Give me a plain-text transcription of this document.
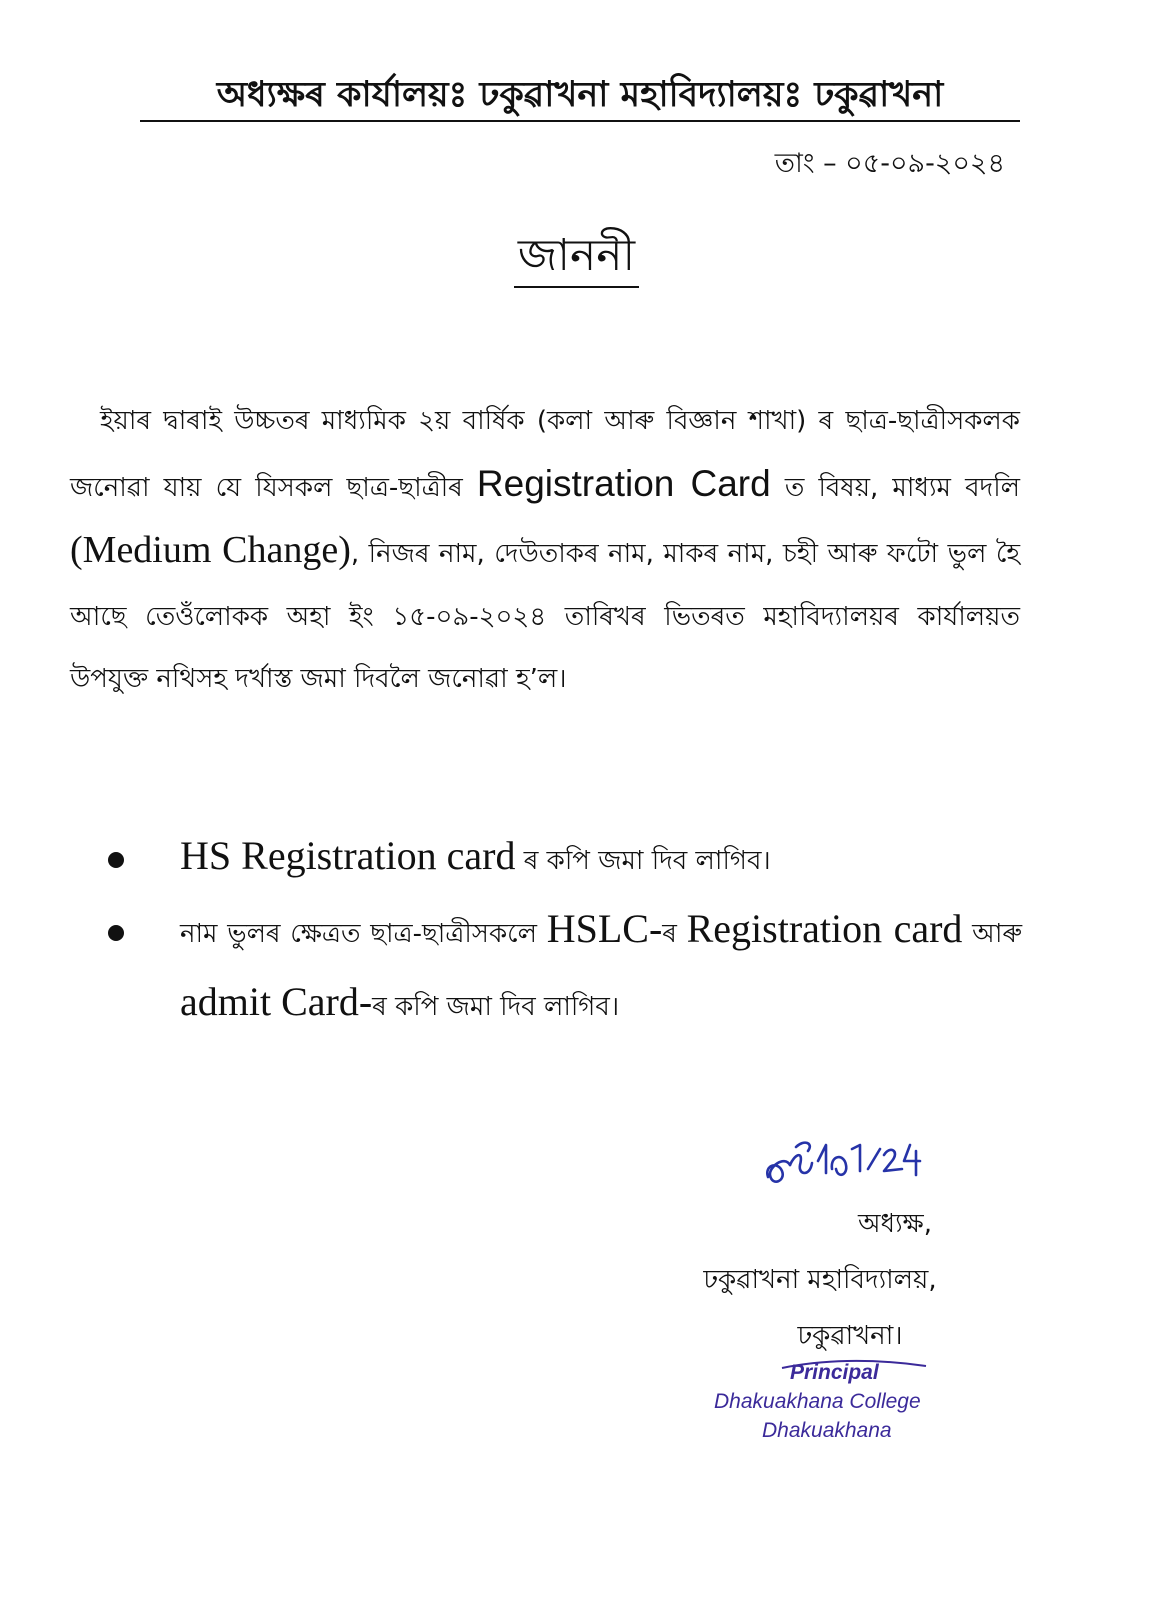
অধ্যক্ষৰ কাৰ্যালয়ঃ ঢকুৱাখনা মহাবিদ্যালয়ঃ ঢকুৱাখনা
তাং – ০৫-০৯-২০২৪
জাননী
ইয়াৰ দ্বাৰাই উচ্চতৰ মাধ্যমিক ২য় বাৰ্ষিক (কলা আৰু বিজ্ঞান শাখা) ৰ ছাত্ৰ-ছাত্ৰীসকলক জনোৱা যায় যে যিসকল ছাত্ৰ-ছাত্ৰীৰ Registration Card ত বিষয়, মাধ্যম বদলি (Medium Change), নিজৰ নাম, দেউতাকৰ নাম, মাকৰ নাম, চহী আৰু ফটো ভুল হৈ আছে তেওঁলোকক অহা ইং ১৫-০৯-২০২৪ তাৰিখৰ ভিতৰত মহাবিদ্যালয়ৰ কাৰ্যালয়ত উপযুক্ত নথিসহ দৰ্খাস্ত জমা দিবলৈ জনোৱা হ’ল।
HS Registration card ৰ কপি জমা দিব লাগিব।
নাম ভুলৰ ক্ষেত্ৰত ছাত্ৰ-ছাত্ৰীসকলে HSLC-ৰ Registration card আৰু admit Card-ৰ কপি জমা দিব লাগিব।
অধ্যক্ষ,
ঢকুৱাখনা মহাবিদ্যালয়,
ঢকুৱাখনা।
Principal
Dhakuakhana College
Dhakuakhana
